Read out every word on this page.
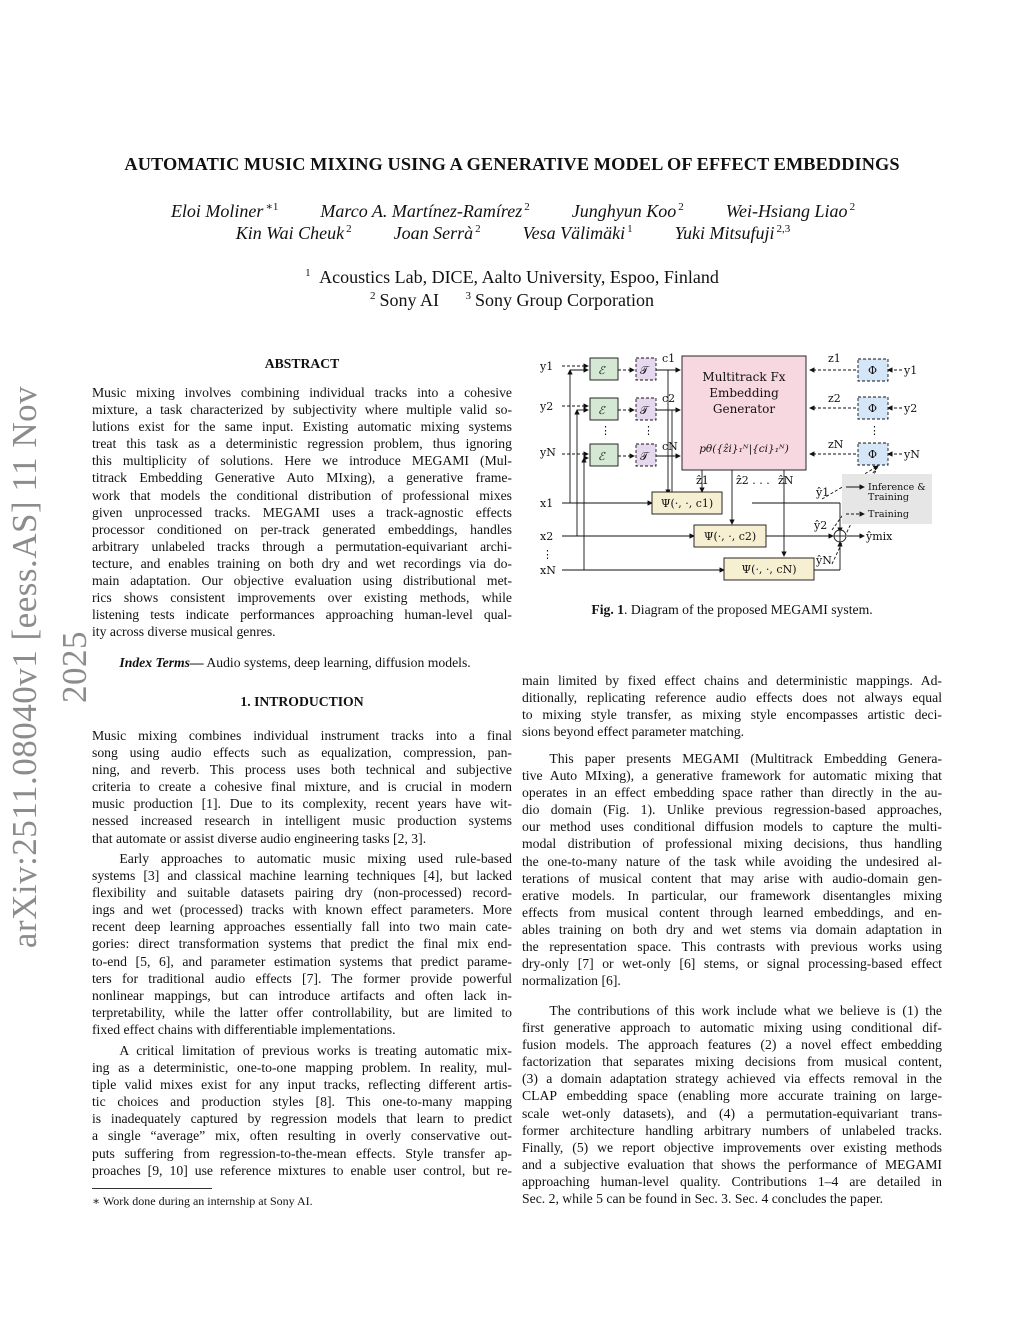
arXiv:2511.08040v1 [eess.AS] 11 Nov 2025
AUTOMATIC MUSIC MIXING USING A GENERATIVE MODEL OF EFFECT EMBEDDINGS
Eloi Moliner $^{∗1}$ Marco A. Martínez-Ramírez $^2$ Junghyun Koo $^2$ Wei-Hsiang Liao $^2$
Kin Wai Cheuk $^2$ Joan Serrà $^2$ Vesa Välimäki $^1$ Yuki Mitsufuji $^{2,3}$
$^1$ Acoustics Lab, DICE, Aalto University, Espoo, Finland
$^2$ Sony AI $^3$ Sony Group Corporation
ABSTRACT
Music mixing involves combining individual tracks into a cohesive
mixture, a task characterized by subjectivity where multiple valid so-
lutions exist for the same input. Existing automatic mixing systems
treat this task as a deterministic regression problem, thus ignoring
this multiplicity of solutions. Here we introduce MEGAMI (Mul-
titrack Embedding Generative Auto MIxing), a generative frame-
work that models the conditional distribution of professional mixes
given unprocessed tracks. MEGAMI uses a track-agnostic effects
processor conditioned on per-track generated embeddings, handles
arbitrary unlabeled tracks through a permutation-equivariant archi-
tecture, and enables training on both dry and wet recordings via do-
main adaptation. Our objective evaluation using distributional met-
rics shows consistent improvements over existing methods, while
listening tests indicate performances approaching human-level qual-
ity across diverse musical genres.
Index Terms— Audio systems, deep learning, diffusion models.
1. INTRODUCTION
Music mixing combines individual instrument tracks into a final
song using audio effects such as equalization, compression, pan-
ning, and reverb. This process uses both technical and subjective
criteria to create a cohesive final mixture, and is crucial in modern
music production [1]. Due to its complexity, recent years have wit-
nessed increased research in intelligent music production systems
that automate or assist diverse audio engineering tasks [2, 3].
Early approaches to automatic music mixing used rule-based
systems [3] and classical machine learning techniques [4], but lacked
flexibility and suitable datasets pairing dry (non-processed) record-
ings and wet (processed) tracks with known effect parameters. More
recent deep learning approaches essentially fall into two main cate-
gories: direct transformation systems that predict the final mix end-
to-end [5, 6], and parameter estimation systems that predict parame-
ters for traditional audio effects [7]. The former provide powerful
nonlinear mappings, but can introduce artifacts and often lack in-
terpretability, while the latter offer controllability, but are limited to
fixed effect chains with differentiable implementations.
A critical limitation of previous works is treating automatic mix-
ing as a deterministic, one-to-one mapping problem. In reality, mul-
tiple valid mixes exist for any input tracks, reflecting different artis-
tic choices and production styles [8]. This one-to-many mapping
is inadequately captured by regression models that learn to predict
a single “average” mix, often resulting in overly conservative out-
puts suffering from regression-to-the-mean effects. Style transfer ap-
proaches [9, 10] use reference mixtures to enable user control, but re-
∗ Work done during an internship at Sony AI.
y1
y2
yN
x1
x2
xN
⋮
⋮	⋮	⋮
ℰ
ℰ
ℰ
𝒯
𝒯
𝒯
c1
c2
cN
Multitrack Fx
Embedding
Generator
pθ({ẑi}₁ᴺ|{ci}₁ᴺ)
z1
z2
zN
y1
y2
yN
Φ
Φ
Φ
ẑ1 ẑ2 . . . ẑN
Ψ(·, ·, c1)
Ψ(·, ·, c2)
Ψ(·, ·, cN)
ŷ1
ŷ2
ŷN
ŷmix
Inference &
Training
Training
Fig. 1. Diagram of the proposed MEGAMI system.
main limited by fixed effect chains and deterministic mappings. Ad-
ditionally, replicating reference audio effects does not always equal
to mixing style transfer, as mixing style encompasses artistic deci-
sions beyond effect parameter matching.
This paper presents MEGAMI (Multitrack Embedding Genera-
tive Auto MIxing), a generative framework for automatic mixing that
operates in an effect embedding space rather than directly in the au-
dio domain (Fig. 1). Unlike previous regression-based approaches,
our method uses conditional diffusion models to capture the multi-
modal distribution of professional mixing decisions, thus handling
the one-to-many nature of the task while avoiding the undesired al-
terations of musical content that may arise with audio-domain gen-
erative models. In particular, our framework disentangles mixing
effects from musical content through learned embeddings, and en-
ables training on both dry and wet stems via domain adaptation in
the representation space. This contrasts with previous works using
dry-only [7] or wet-only [6] stems, or signal processing-based effect
normalization [6].
The contributions of this work include what we believe is (1) the
first generative approach to automatic mixing using conditional dif-
fusion models. The approach features (2) a novel effect embedding
factorization that separates mixing decisions from musical content,
(3) a domain adaptation strategy achieved via effects removal in the
CLAP embedding space (enabling more accurate training on large-
scale wet-only datasets), and (4) a permutation-equivariant trans-
former architecture handling arbitrary numbers of unlabeled tracks.
Finally, (5) we report objective improvements over existing methods
and a subjective evaluation that shows the performance of MEGAMI
approaching human-level quality. Contributions 1–4 are detailed in
Sec. 2, while 5 can be found in Sec. 3. Sec. 4 concludes the paper.
